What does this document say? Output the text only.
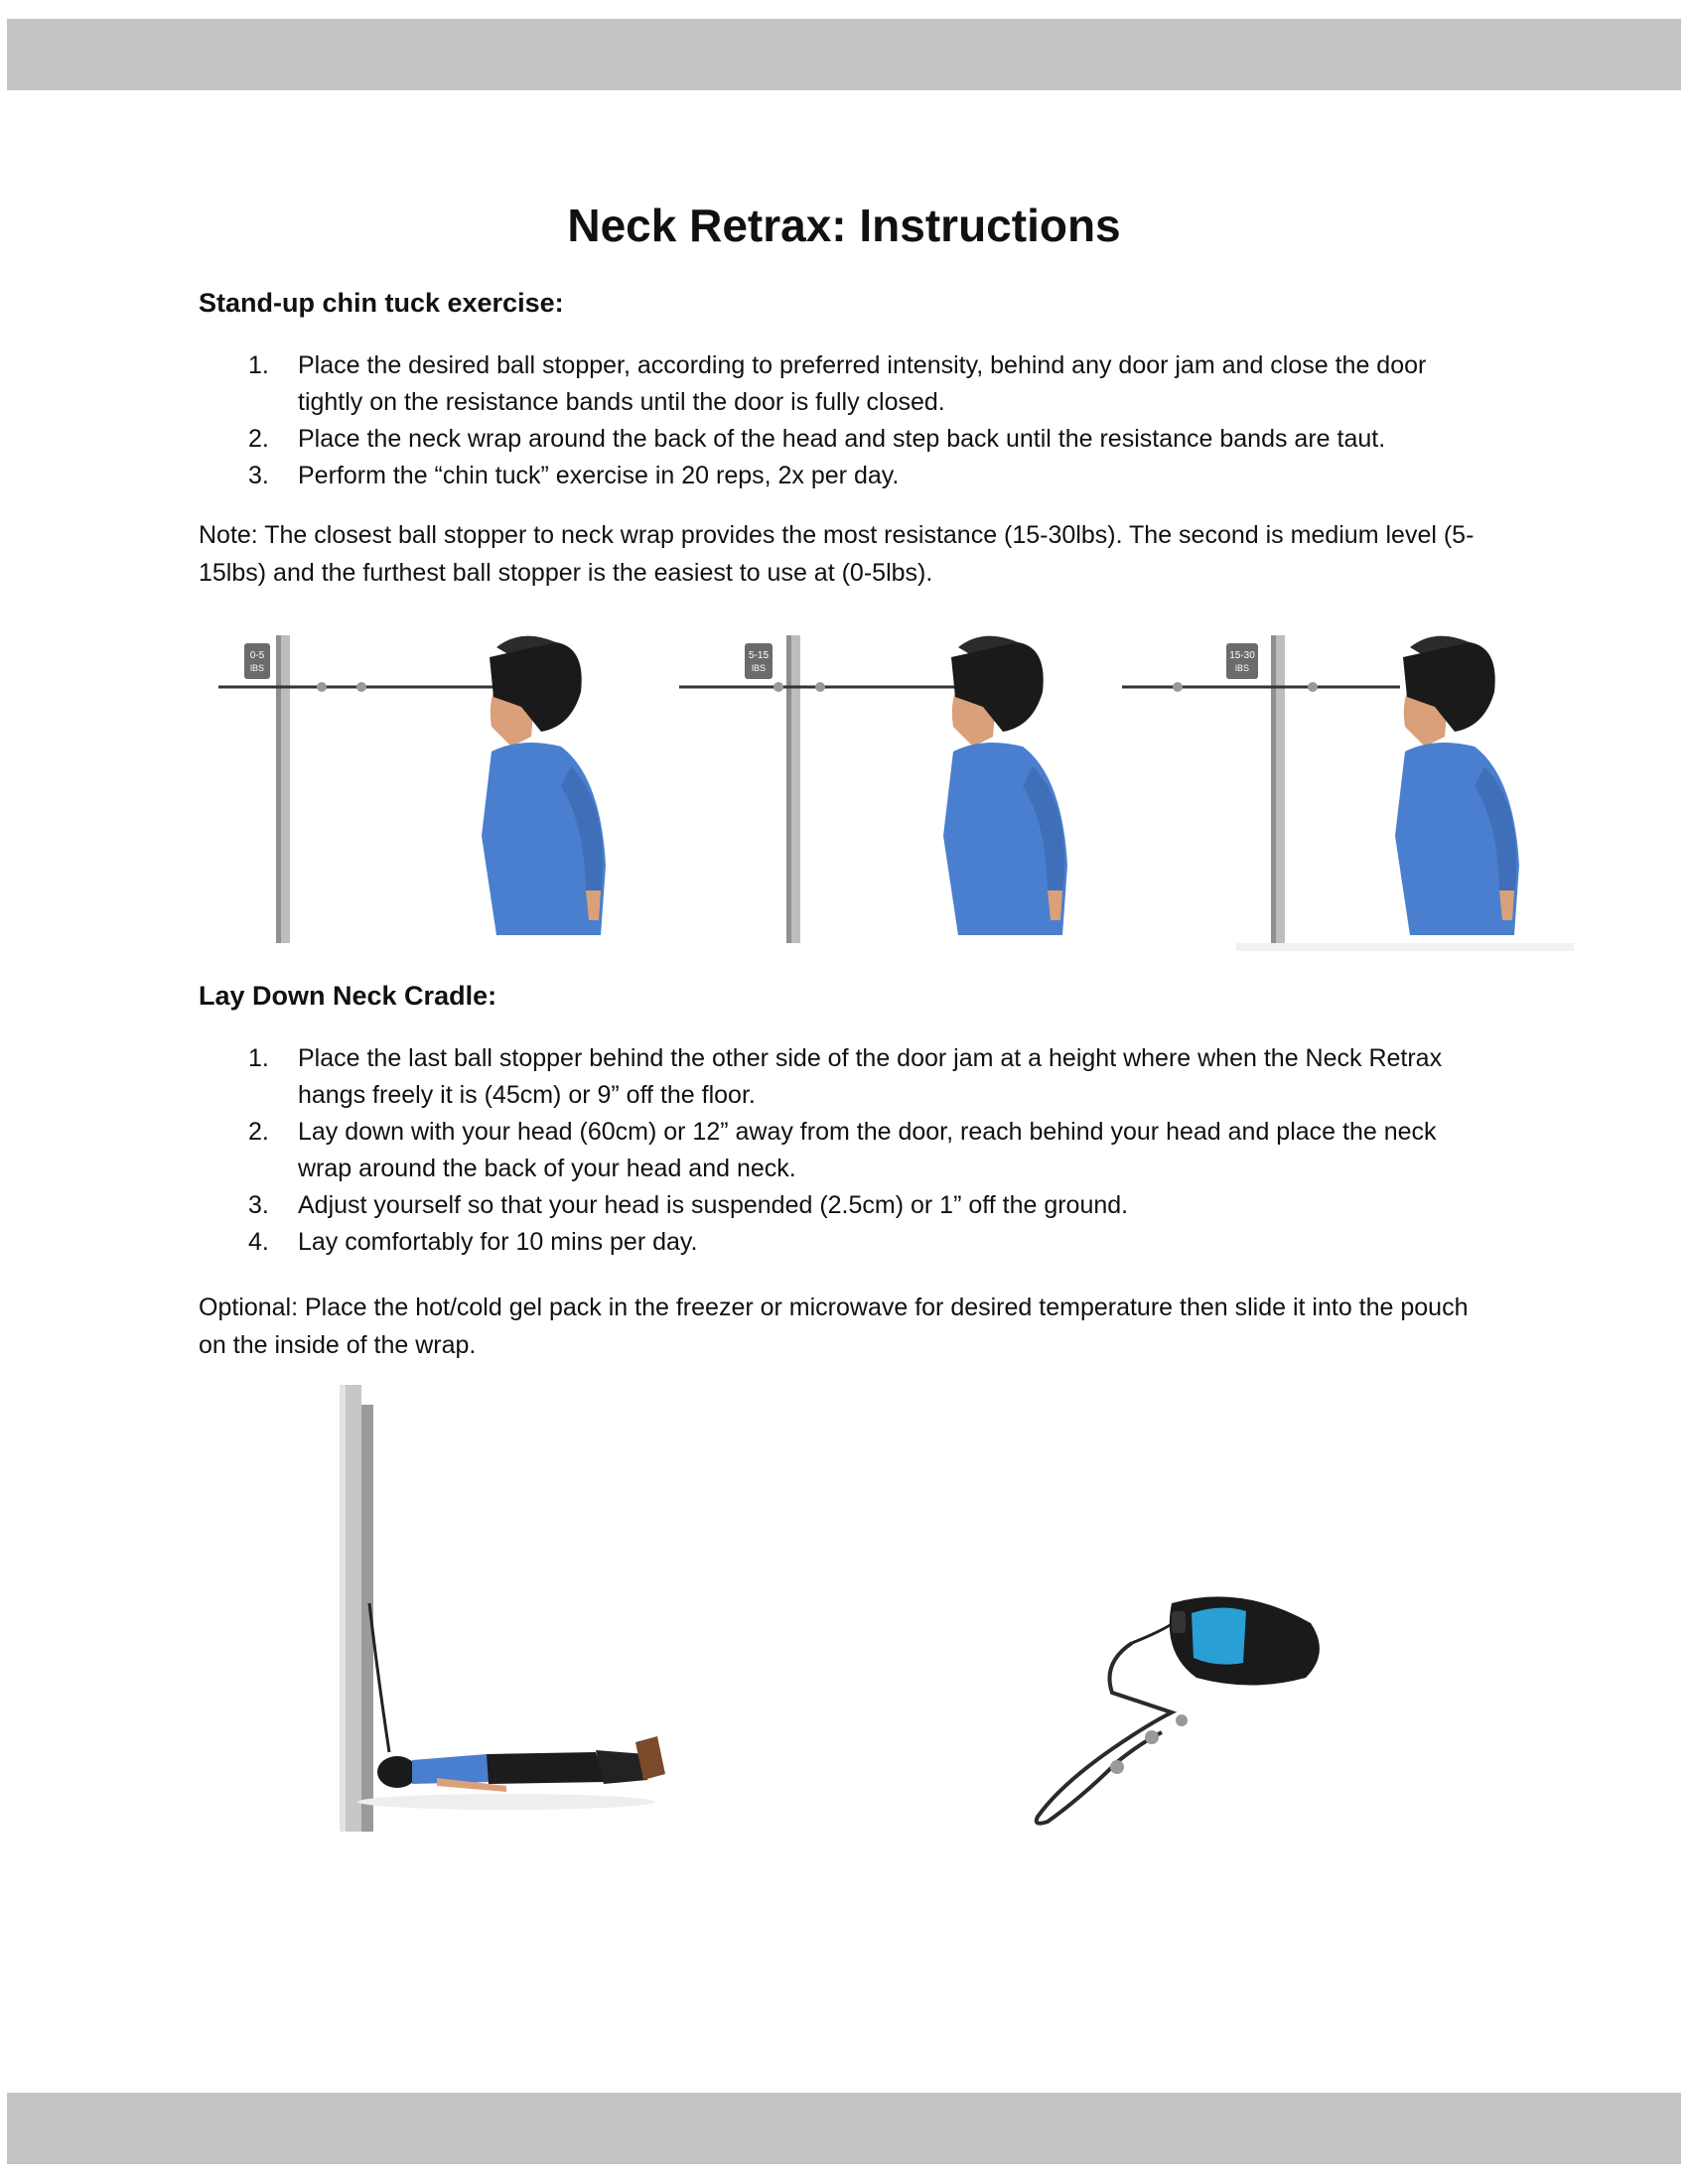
Neck Retrax: Instructions
Stand-up chin tuck exercise:
1. Place the desired ball stopper, according to preferred intensity, behind any door jam and close the door tightly on the resistance bands until the door is fully closed.
2. Place the neck wrap around the back of the head and step back until the resistance bands are taut.
3. Perform the “chin tuck” exercise in 20 reps, 2x per day.

Note: The closest ball stopper to neck wrap provides the most resistance (15-30lbs). The second is medium level (5-15lbs) and the furthest ball stopper is the easiest to use at (0-5lbs).

0-5
lBS
5-15
lBS
15-30
lBS
Lay Down Neck Cradle:
1. Place the last ball stopper behind the other side of the door jam at a height where when the Neck Retrax hangs freely it is (45cm) or 9” off the floor.
2. Lay down with your head (60cm) or 12” away from the door, reach behind your head and place the neck wrap around the back of your head and neck.
3. Adjust yourself so that your head is suspended (2.5cm) or 1” off the ground.
4. Lay comfortably for 10 mins per day.

Optional: Place the hot/cold gel pack in the freezer or microwave for desired temperature then slide it into the pouch on the inside of the wrap.
